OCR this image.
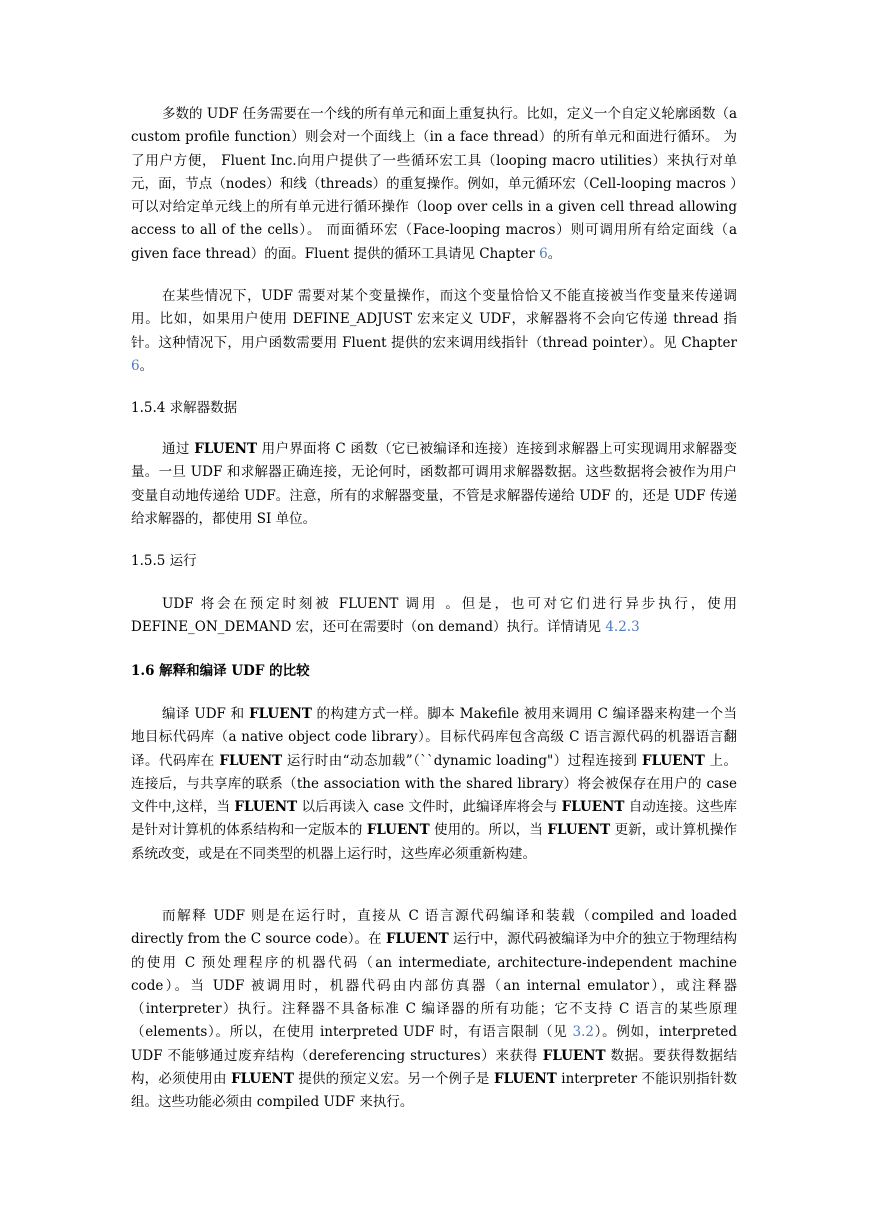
多数的 UDF 任务需要在一个线的所有单元和面上重复执行。比如，定义一个自定义轮廓函数（a custom profile function）则会对一个面线上（in a face thread）的所有单元和面进行循环。 为了用户方便， Fluent Inc.向用户提供了一些循环宏工具（looping macro utilities）来执行对单元，面，节点（nodes）和线（threads）的重复操作。例如，单元循环宏（Cell-looping macros ）可以对给定单元线上的所有单元进行循环操作（loop over cells in a given cell thread allowing access to all of the cells）。 而面循环宏（Face-looping macros）则可调用所有给定面线（a given face thread）的面。Fluent 提供的循环工具请见 Chapter 6。

在某些情况下，UDF 需要对某个变量操作，而这个变量恰恰又不能直接被当作变量来传递调用。比如，如果用户使用 DEFINE_ADJUST 宏来定义 UDF，求解器将不会向它传递 thread 指针。这种情况下，用户函数需要用 Fluent 提供的宏来调用线指针（thread pointer）。见 Chapter 6。

1.5.4 求解器数据

通过 FLUENT 用户界面将 C 函数（它已被编译和连接）连接到求解器上可实现调用求解器变量。一旦 UDF 和求解器正确连接，无论何时，函数都可调用求解器数据。这些数据将会被作为用户变量自动地传递给 UDF。注意，所有的求解器变量，不管是求解器传递给 UDF 的，还是 UDF 传递给求解器的，都使用 SI 单位。

1.5.5 运行

UDF 将会在预定时刻被 FLUENT 调用 。但是，也可对它们进行异步执行，使用 DEFINE_ON_DEMAND 宏，还可在需要时（on demand）执行。详情请见 4.2.3

1.6 解释和编译 UDF 的比较

编译 UDF 和 FLUENT 的构建方式一样。脚本 Makefile 被用来调用 C 编译器来构建一个当地目标代码库（a native object code library）。目标代码库包含高级 C 语言源代码的机器语言翻译。代码库在 FLUENT 运行时由“动态加载”（``dynamic loading"）过程连接到 FLUENT 上。连接后，与共享库的联系（the association with the shared library）将会被保存在用户的 case 文件中,这样，当 FLUENT 以后再读入 case 文件时，此编译库将会与 FLUENT 自动连接。这些库是针对计算机的体系结构和一定版本的 FLUENT 使用的。所以，当 FLUENT 更新，或计算机操作系统改变，或是在不同类型的机器上运行时，这些库必须重新构建。

而解释 UDF 则是在运行时，直接从 C 语言源代码编译和装载（compiled and loaded directly from the C source code）。在 FLUENT 运行中，源代码被编译为中介的独立于物理结构的使用 C 预处理程序的机器代码（an intermediate, architecture-independent machine code）。当 UDF 被调用时，机器代码由内部仿真器（an internal emulator），或注释器（interpreter）执行。注释器不具备标准 C 编译器的所有功能；它不支持 C 语言的某些原理（elements）。所以，在使用 interpreted UDF 时，有语言限制（见 3.2）。例如，interpreted UDF 不能够通过废弃结构（dereferencing structures）来获得 FLUENT 数据。要获得数据结构，必须使用由 FLUENT 提供的预定义宏。另一个例子是 FLUENT interpreter 不能识别指针数组。这些功能必须由 compiled UDF 来执行。
